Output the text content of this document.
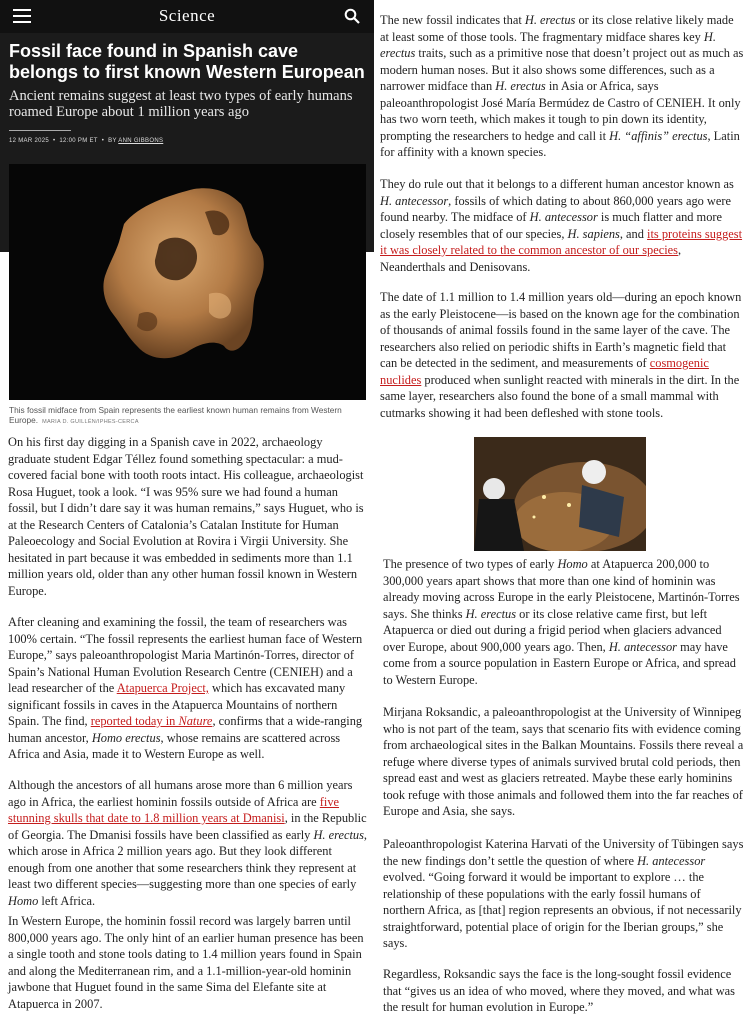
Science
Fossil face found in Spanish cave belongs to first known Western European
Ancient remains suggest at least two types of early humans roamed Europe about 1 million years ago
12 MAR 2025 • 12:00 PM ET • BY ANN GIBBONS
This fossil midface from Spain represents the earliest known human remains from Western Europe. MARIA D. GUILLÉN/IPHES-CERCA

On his first day digging in a Spanish cave in 2022, archaeology graduate student Edgar Téllez found something spectacular: a mud-covered facial bone with tooth roots intact. His colleague, archaeologist Rosa Huguet, took a look. “I was 95% sure we had found a human fossil, but I didn’t dare say it was human remains,” says Huguet, who is at the Research Centers of Catalonia’s Catalan Institute for Human Paleoecology and Social Evolution at Rovira i Virgii University. She hesitated in part because it was embedded in sediments more than 1.1 million years old, older than any other human fossil known in Western Europe.

After cleaning and examining the fossil, the team of researchers was 100% certain. “The fossil represents the earliest human face of Western Europe,” says paleoanthropologist Maria Martinón-Torres, director of Spain’s National Human Evolution Research Centre (CENIEH) and a lead researcher of the Atapuerca Project, which has excavated many significant fossils in caves in the Atapuerca Mountains of northern Spain. The find, reported today in Nature, confirms that a wide-ranging human ancestor, Homo erectus, whose remains are scattered across Africa and Asia, made it to Western Europe as well.

Although the ancestors of all humans arose more than 6 million years ago in Africa, the earliest hominin fossils outside of Africa are five stunning skulls that date to 1.8 million years at Dmanisi, in the Republic of Georgia. The Dmanisi fossils have been classified as early H. erectus, which arose in Africa 2 million years ago. But they look different enough from one another that some researchers think they represent at least two different species—suggesting more than one species of early Homo left Africa.

In Western Europe, the hominin fossil record was largely barren until 800,000 years ago. The only hint of an earlier human presence has been a single tooth and stone tools dating to 1.4 million years found in Spain and along the Mediterranean rim, and a 1.1-million-year-old hominin jawbone that Huguet found in the same Sima del Elefante site at Atapuerca in 2007.

The new fossil indicates that H. erectus or its close relative likely made at least some of those tools. The fragmentary midface shares key H. erectus traits, such as a primitive nose that doesn’t project out as much as modern human noses. But it also shows some differences, such as a narrower midface than H. erectus in Asia or Africa, says paleoanthropologist José María Bermúdez de Castro of CENIEH. It only has two worn teeth, which makes it tough to pin down its identity, prompting the researchers to hedge and call it H. “affinis” erectus, Latin for affinity with a known species.

They do rule out that it belongs to a different human ancestor known as H. antecessor, fossils of which dating to about 860,000 years ago were found nearby. The midface of H. antecessor is much flatter and more closely resembles that of our species, H. sapiens, and its proteins suggest it was closely related to the common ancestor of our species, Neanderthals and Denisovans.

The date of 1.1 million to 1.4 million years old—during an epoch known as the early Pleistocene—is based on the known age for the combination of thousands of animal fossils found in the same layer of the cave. The researchers also relied on periodic shifts in Earth’s magnetic field that can be detected in the sediment, and measurements of cosmogenic nuclides produced when sunlight reacted with minerals in the dirt. In the same layer, researchers also found the bone of a small mammal with cutmarks showing it had been defleshed with stone tools.

The presence of two types of early Homo at Atapuerca 200,000 to 300,000 years apart shows that more than one kind of hominin was already moving across Europe in the early Pleistocene, Martinón-Torres says. She thinks H. erectus or its close relative came first, but left Atapuerca or died out during a frigid period when glaciers advanced over Europe, about 900,000 years ago. Then, H. antecessor may have come from a source population in Eastern Europe or Africa, and spread to Western Europe.

Mirjana Roksandic, a paleoanthropologist at the University of Winnipeg who is not part of the team, says that scenario fits with evidence coming from archaeological sites in the Balkan Mountains. Fossils there reveal a refuge where diverse types of animals survived brutal cold periods, then spread east and west as glaciers retreated. Maybe these early hominins took refuge with those animals and followed them into the far reaches of Europe and Asia, she says.

Paleoanthropologist Katerina Harvati of the University of Tübingen says the new findings don’t settle the question of where H. antecessor evolved. “Going forward it would be important to explore … the relationship of these populations with the early fossil humans of northern Africa, as [that] region represents an obvious, if not necessarily straightforward, potential place of origin for the Iberian groups,” she says.

Regardless, Roksandic says the face is the long-sought fossil evidence that “gives us an idea of who moved, where they moved, and what was the result for human evolution in Europe.”
